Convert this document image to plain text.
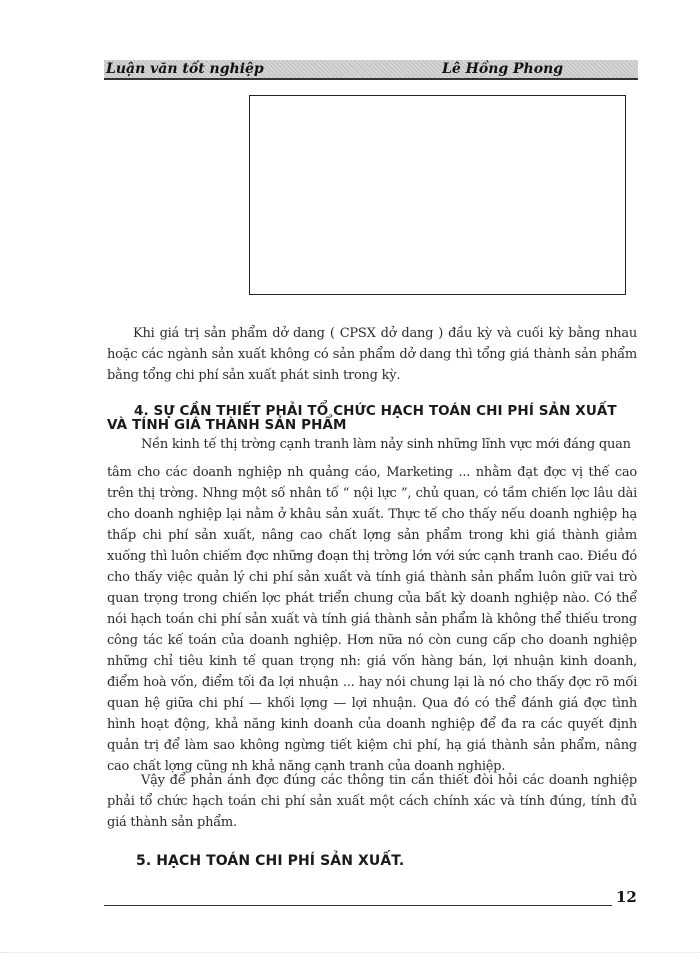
Luận văn tốt nghiệp	Lê Hồng Phong

Khi giá trị sản phẩm dở dang ( CPSX dở dang ) đầu kỳ và cuối kỳ bằng nhau hoặc các ngành sản xuất không có sản phẩm dở dang thì tổng giá thành sản phẩm bằng tổng chi phí sản xuất phát sinh trong kỳ.

4. SỰ CẦN THIẾT PHẢI TỔ CHỨC HẠCH TOÁN CHI PHÍ SẢN XUẤT
VÀ TÍNH GIÁ THÀNH SẢN PHẨM

Nền kinh tế thị trờng cạnh tranh làm nảy sinh những lĩnh vực mới đáng quan

tâm cho các doanh nghiệp nh quảng cáo, Marketing ... nhằm đạt đợc vị thế cao trên thị trờng. Nhng một số nhân tố “ nội lực ”, chủ quan, có tầm chiến lợc lâu dài cho doanh nghiệp lại nằm ở khâu sản xuất. Thực tế cho thấy nếu doanh nghiệp hạ thấp chi phí sản xuất, nâng cao chất lợng sản phẩm trong khi giá thành giảm xuống thì luôn chiếm đợc những đoạn thị trờng lớn với sức cạnh tranh cao. Điều đó cho thấy việc quản lý chi phí sản xuất và tính giá thành sản phẩm luôn giữ vai trò quan trọng trong chiến lợc phát triển chung của bất kỳ doanh nghiệp nào. Có thể nói hạch toán chi phí sản xuất và tính giá thành sản phẩm là không thể thiếu trong công tác kế toán của doanh nghiệp. Hơn nữa nó còn cung cấp cho doanh nghiệp những chỉ tiêu kinh tế quan trọng nh: giá vốn hàng bán, lợi nhuận kinh doanh, điểm hoà vốn, điểm tối đa lợi nhuận ... hay nói chung lại là nó cho thấy đợc rõ mối quan hệ giữa chi phí — khối lợng — lợi nhuận. Qua đó có thể đánh giá đợc tình hình hoạt động, khả năng kinh doanh của doanh nghiệp để đa ra các quyết định quản trị để làm sao không ngừng tiết kiệm chi phí, hạ giá thành sản phẩm, nâng cao chất lợng cũng nh khả năng cạnh tranh của doanh nghiệp.

Vậy để phản ánh đợc đúng các thông tin cần thiết đòi hỏi các doanh nghiệp phải tổ chức hạch toán chi phí sản xuất một cách chính xác và tính đúng, tính đủ giá thành sản phẩm.

5. HẠCH TOÁN CHI PHÍ SẢN XUẤT.
12
